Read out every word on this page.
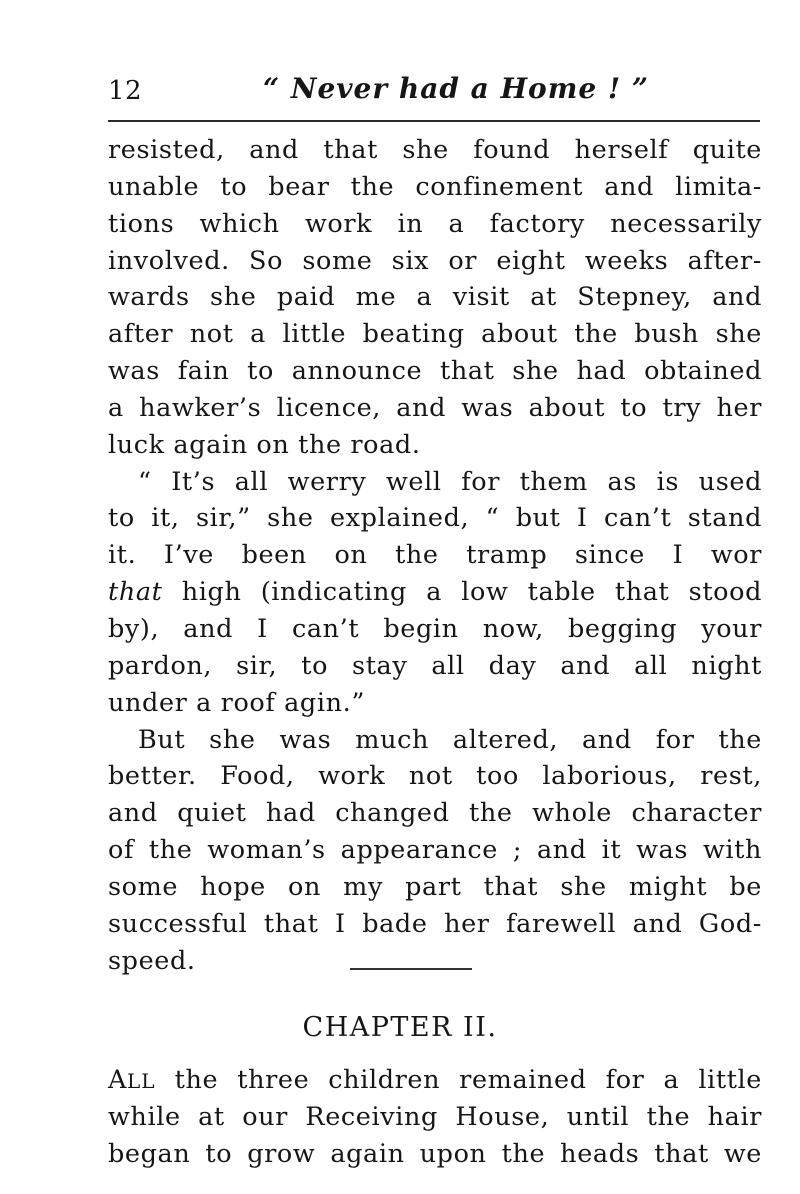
12	“ Never had a Home ! ”
resisted, and that she found herself quite
unable to bear the confinement and limita-
tions which work in a factory necessarily
involved. So some six or eight weeks after-
wards she paid me a visit at Stepney, and
after not a little beating about the bush she
was fain to announce that she had obtained
a hawker’s licence, and was about to try her
luck again on the road.
“ It’s all werry well for them as is used
to it, sir,” she explained, “ but I can’t stand
it. I’ve been on the tramp since I wor
that high (indicating a low table that stood
by), and I can’t begin now, begging your
pardon, sir, to stay all day and all night
under a roof agin.”
But she was much altered, and for the
better. Food, work not too laborious, rest,
and quiet had changed the whole character
of the woman’s appearance ; and it was with
some hope on my part that she might be
successful that I bade her farewell and God-
speed.
CHAPTER II.
ALL the three children remained for a little
while at our Receiving House, until the hair
began to grow again upon the heads that we
